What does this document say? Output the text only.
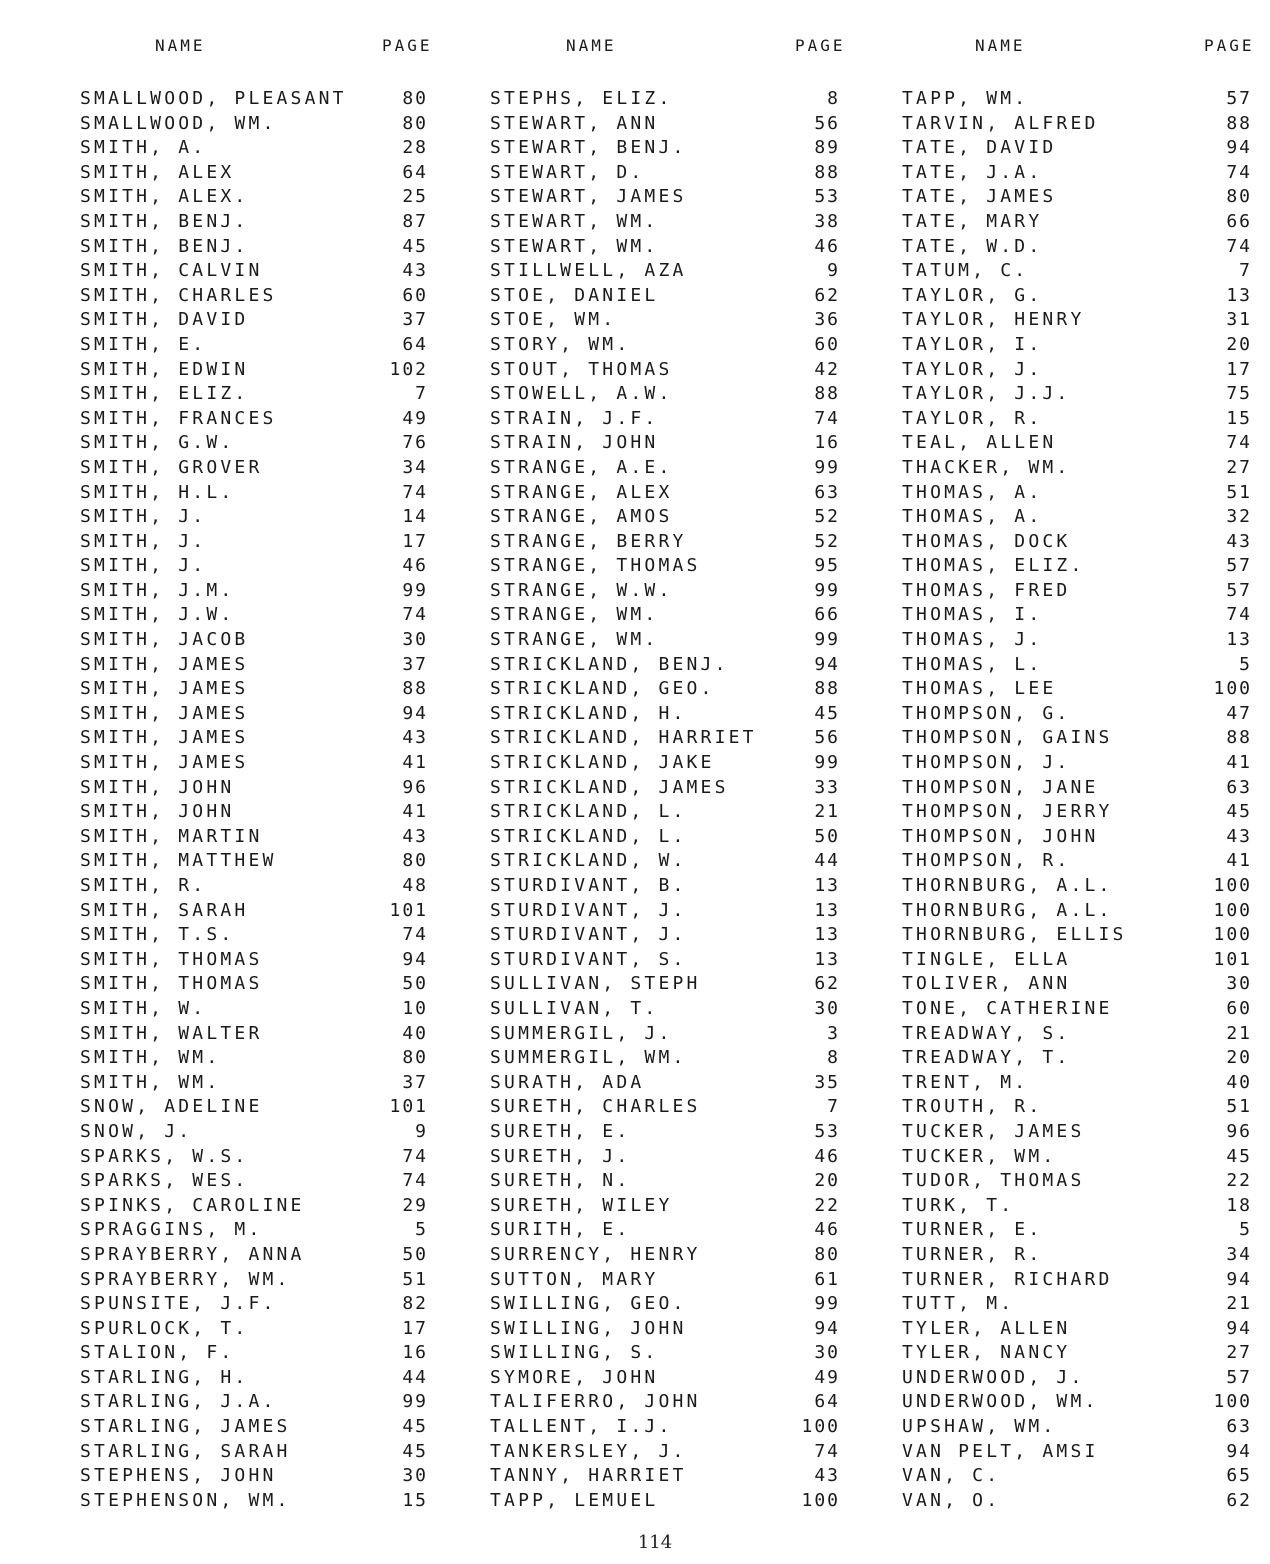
NAME	PAGE
SMALLWOOD, PLEASANT	80
SMALLWOOD, WM.	80
SMITH, A.	28
SMITH, ALEX	64
SMITH, ALEX.	25
SMITH, BENJ.	87
SMITH, BENJ.	45
SMITH, CALVIN	43
SMITH, CHARLES	60
SMITH, DAVID	37
SMITH, E.	64
SMITH, EDWIN	102
SMITH, ELIZ.	7
SMITH, FRANCES	49
SMITH, G.W.	76
SMITH, GROVER	34
SMITH, H.L.	74
SMITH, J.	14
SMITH, J.	17
SMITH, J.	46
SMITH, J.M.	99
SMITH, J.W.	74
SMITH, JACOB	30
SMITH, JAMES	37
SMITH, JAMES	88
SMITH, JAMES	94
SMITH, JAMES	43
SMITH, JAMES	41
SMITH, JOHN	96
SMITH, JOHN	41
SMITH, MARTIN	43
SMITH, MATTHEW	80
SMITH, R.	48
SMITH, SARAH	101
SMITH, T.S.	74
SMITH, THOMAS	94
SMITH, THOMAS	50
SMITH, W.	10
SMITH, WALTER	40
SMITH, WM.	80
SMITH, WM.	37
SNOW, ADELINE	101
SNOW, J.	9
SPARKS, W.S.	74
SPARKS, WES.	74
SPINKS, CAROLINE	29
SPRAGGINS, M.	5
SPRAYBERRY, ANNA	50
SPRAYBERRY, WM.	51
SPUNSITE, J.F.	82
SPURLOCK, T.	17
STALION, F.	16
STARLING, H.	44
STARLING, J.A.	99
STARLING, JAMES	45
STARLING, SARAH	45
STEPHENS, JOHN	30
STEPHENSON, WM.	15
NAME	PAGE
STEPHS, ELIZ.	8
STEWART, ANN	56
STEWART, BENJ.	89
STEWART, D.	88
STEWART, JAMES	53
STEWART, WM.	38
STEWART, WM.	46
STILLWELL, AZA	9
STOE, DANIEL	62
STOE, WM.	36
STORY, WM.	60
STOUT, THOMAS	42
STOWELL, A.W.	88
STRAIN, J.F.	74
STRAIN, JOHN	16
STRANGE, A.E.	99
STRANGE, ALEX	63
STRANGE, AMOS	52
STRANGE, BERRY	52
STRANGE, THOMAS	95
STRANGE, W.W.	99
STRANGE, WM.	66
STRANGE, WM.	99
STRICKLAND, BENJ.	94
STRICKLAND, GEO.	88
STRICKLAND, H.	45
STRICKLAND, HARRIET	56
STRICKLAND, JAKE	99
STRICKLAND, JAMES	33
STRICKLAND, L.	21
STRICKLAND, L.	50
STRICKLAND, W.	44
STURDIVANT, B.	13
STURDIVANT, J.	13
STURDIVANT, J.	13
STURDIVANT, S.	13
SULLIVAN, STEPH	62
SULLIVAN, T.	30
SUMMERGIL, J.	3
SUMMERGIL, WM.	8
SURATH, ADA	35
SURETH, CHARLES	7
SURETH, E.	53
SURETH, J.	46
SURETH, N.	20
SURETH, WILEY	22
SURITH, E.	46
SURRENCY, HENRY	80
SUTTON, MARY	61
SWILLING, GEO.	99
SWILLING, JOHN	94
SWILLING, S.	30
SYMORE, JOHN	49
TALIFERRO, JOHN	64
TALLENT, I.J.	100
TANKERSLEY, J.	74
TANNY, HARRIET	43
TAPP, LEMUEL	100
NAME	PAGE
TAPP, WM.	57
TARVIN, ALFRED	88
TATE, DAVID	94
TATE, J.A.	74
TATE, JAMES	80
TATE, MARY	66
TATE, W.D.	74
TATUM, C.	7
TAYLOR, G.	13
TAYLOR, HENRY	31
TAYLOR, I.	20
TAYLOR, J.	17
TAYLOR, J.J.	75
TAYLOR, R.	15
TEAL, ALLEN	74
THACKER, WM.	27
THOMAS, A.	51
THOMAS, A.	32
THOMAS, DOCK	43
THOMAS, ELIZ.	57
THOMAS, FRED	57
THOMAS, I.	74
THOMAS, J.	13
THOMAS, L.	5
THOMAS, LEE	100
THOMPSON, G.	47
THOMPSON, GAINS	88
THOMPSON, J.	41
THOMPSON, JANE	63
THOMPSON, JERRY	45
THOMPSON, JOHN	43
THOMPSON, R.	41
THORNBURG, A.L.	100
THORNBURG, A.L.	100
THORNBURG, ELLIS	100
TINGLE, ELLA	101
TOLIVER, ANN	30
TONE, CATHERINE	60
TREADWAY, S.	21
TREADWAY, T.	20
TRENT, M.	40
TROUTH, R.	51
TUCKER, JAMES	96
TUCKER, WM.	45
TUDOR, THOMAS	22
TURK, T.	18
TURNER, E.	5
TURNER, R.	34
TURNER, RICHARD	94
TUTT, M.	21
TYLER, ALLEN	94
TYLER, NANCY	27
UNDERWOOD, J.	57
UNDERWOOD, WM.	100
UPSHAW, WM.	63
VAN PELT, AMSI	94
VAN, C.	65
VAN, O.	62
114
